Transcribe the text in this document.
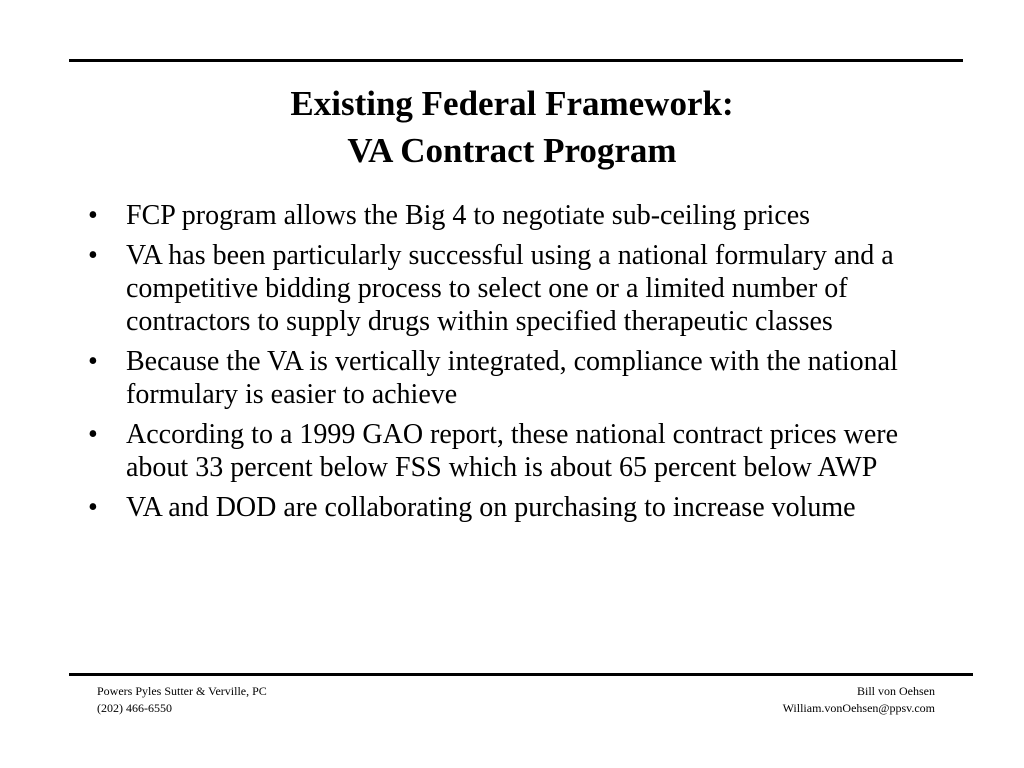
Existing Federal Framework:
VA Contract Program
• FCP program allows the Big 4 to negotiate sub-ceiling prices
• VA has been particularly successful using a national formulary and a competitive bidding process to select one or a limited number of contractors to supply drugs within specified therapeutic classes
• Because the VA is vertically integrated, compliance with the national formulary is easier to achieve
• According to a 1999 GAO report, these national contract prices were about 33 percent below FSS which is about 65 percent below AWP
• VA and DOD are collaborating on purchasing to increase volume
Powers Pyles Sutter & Verville, PC
(202) 466-6550
Bill von Oehsen
William.vonOehsen@ppsv.com
